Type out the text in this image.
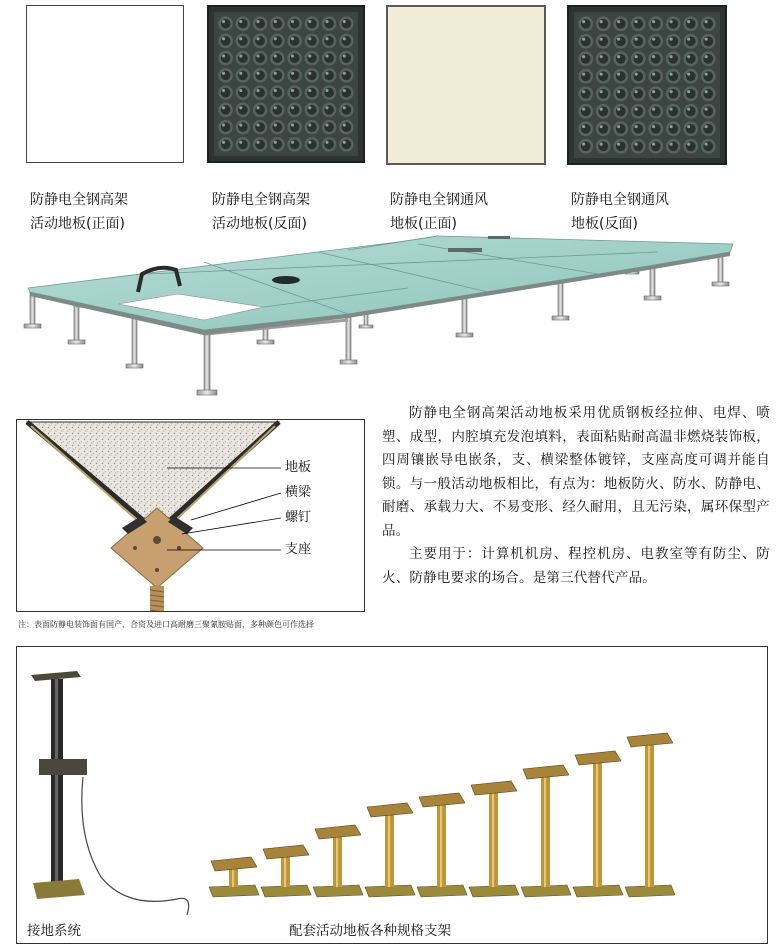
防静电全钢高架
活动地板(正面)

防静电全钢高架
活动地板(反面)

防静电全钢通风
地板(正面)

防静电全钢通风
地板(反面)

地板
横梁
螺钉
支座

防静电全钢高架活动地板采用优质钢板经拉伸、电焊、喷塑、成型，内腔填充发泡填料，表面粘贴耐高温非燃烧装饰板，四周镶嵌导电嵌条，支、横梁整体镀锌，支座高度可调并能自锁。与一般活动地板相比，有点为：地板防火、防水、防静电、耐磨、承载力大、不易变形、经久耐用，且无污染，属环保型产品。

主要用于：计算机机房、程控机房、电教室等有防尘、防火、防静电要求的场合。是第三代替代产品。

注：表面防静电装饰面有国产、合资及进口高耐磨三聚氰胺贴面，多种颜色可作选择
接地系统	配套活动地板各种规格支架
